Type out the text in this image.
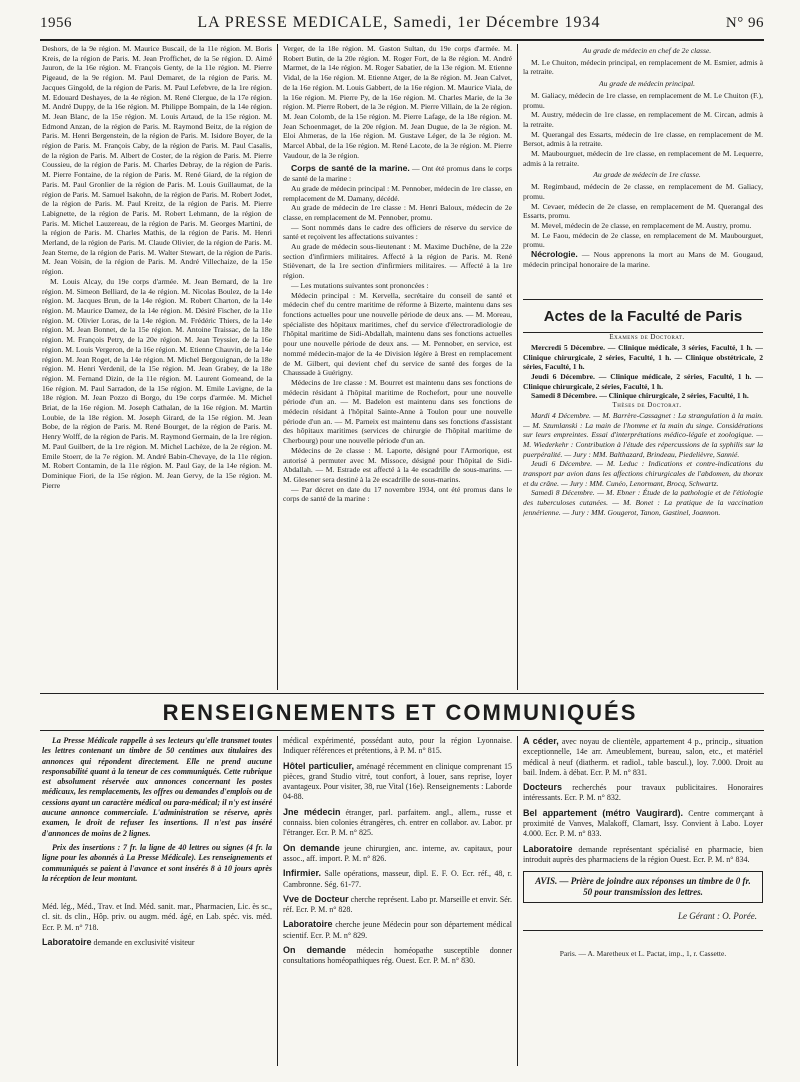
1956	LA PRESSE MEDICALE, Samedi, 1er Décembre 1934	N° 96

Deshors, de la 9e région. M. Maurice Buscail, de la 11e région. M. Boris Kreis, de la région de Paris. M. Jean Proffichet, de la 5e région. D. Aimé Jauron, de la 16e région. M. François Genty, de la 11e région. M. Pierre Pigeaud, de la 9e région. M. Paul Demaret, de la région de Paris. M. Jacques Gingold, de la région de Paris. M. Paul Lefebvre, de la 1re région. M. Edouard Deshayes, de la 4e région. M. René Clergue, de la 17e région. M. André Duppy, de la 16e région. M. Philippe Bompain, de la 14e région. M. Jean Blanc, de la 15e région. M. Louis Artaud, de la 15e région. M. Edmond Anzan, de la région de Paris. M. Raymond Beitz, de la région de Paris. M. Henri Bergenstein, de la région de Paris. M. Isidore Boyer, de la région de Paris. M. François Caby, de la région de Paris. M. Paul Casalis, de la région de Paris. M. Albert de Coster, de la région de Paris. M. Pierre Coussieu, de la région de Paris. M. Charles Debray, de la région de Paris. M. Pierre Fontaine, de la région de Paris. M. René Giard, de la région de Paris. M. Paul Gronlier de la région de Paris. M. Louis Guillaumat, de la région de Paris. M. Samuel Isakohn, de la région de Paris. M. Robert Jodet, de la région de Paris. M. Paul Kreitz, de la région de Paris. M. Pierre Labignette, de la région de Paris. M. Robert Lehmann, de la région de Paris. M. Michel Lauzereau, de la région de Paris. M. Georges Martini, de la région de Paris. M. Charles Mathis, de la région de Paris. M. Henri Merland, de la région de Paris. M. Claude Olivier, de la région de Paris. M. Jean Sterne, de la région de Paris. M. Walter Stewart, de la région de Paris. M. Jean Voisin, de la région de Paris. M. André Villechaize, de la 15e région.

M. Louis Alcay, du 19e corps d'armée. M. Jean Bernard, de la 1re région. M. Simeon Belliard, de la 4e région. M. Nicolas Boulez, de la 14e région. M. Jacques Brun, de la 14e région. M. Robert Charton, de la 14e région. M. Maurice Damez, de la 14e région. M. Désiré Fischer, de la 11e région. M. Olivier Loras, de la 14e région. M. Frédéric Thiers, de la 14e région. M. Jean Bonnet, de la 15e région. M. Antoine Traissac, de la 18e région. M. François Petry, de la 20e région. M. Jean Teyssier, de la 16e région. M. Louis Vergeron, de la 16e région. M. Etienne Chauvin, de la 14e région. M. Jean Roget, de la 14e région. M. Michel Bergouignan, de la 18e région. M. Henri Verdenil, de la 15e région. M. Jean Grabey, de la 18e région. M. Fernand Dizin, de la 11e région. M. Laurent Gomeand, de la 16e région. M. Paul Sarradon, de la 15e région. M. Emile Lavigne, de la 18e région. M. Jean Pozzo di Borgo, du 19e corps d'armée. M. Michel Briat, de la 16e région. M. Joseph Cathalan, de la 16e région. M. Martin Loubie, de la 18e région. M. Joseph Girard, de la 15e région. M. Jean Bobe, de la région de Paris. M. René Bourget, de la région de Paris. M. Henry Wolff, de la région de Paris. M. Raymond Germain, de la 1re région. M. Paul Guilbert, de la 1re région. M. Michel Lachèze, de la 2e région. M. Emile Stoerr, de la 7e région. M. André Babin-Chevaye, de la 11e région. M. Robert Contamin, de la 11e région. M. Paul Gay, de la 14e région. M. Dominique Fiori, de la 15e région. M. Jean Gervy, de la 15e région. M. Pierre

Verger, de la 18e région. M. Gaston Sultan, du 19e corps d'armée. M. Robert Butin, de la 20e région. M. Roger Fort, de la 8e région. M. André Marmet, de la 14e région. M. Roger Sabatier, de la 13e région. M. Etienne Vidal, de la 16e région. M. Etienne Atger, de la 8e région. M. Jean Calvet, de la 16e région. M. Louis Gabbert, de la 16e région. M. Maurice Viala, de la 16e région. M. Pierre Py, de la 16e région. M. Charles Marie, de la 3e région. M. Pierre Robert, de la 3e région. M. Pierre Villain, de la 2e région. M. Jean Colomb, de la 15e région. M. Pierre Lafage, de la 18e région. M. Jean Schoenmaget, de la 20e région. M. Jean Dugue, de la 3e région. M. Eloi Ahmeras, de la 16e région. M. Gustave Léger, de la 3e région. M. Marcel Abbal, de la 16e région. M. René Lacote, de la 3e région. M. Pierre Vaudour, de la 3e région.

Corps de santé de la marine. — Ont été promus dans le corps de santé de la marine :

Au grade de médecin principal : M. Pennober, médecin de 1re classe, en remplacement de M. Damany, décédé.

Au grade de médecin de 1re classe : M. Henri Baloux, médecin de 2e classe, en remplacement de M. Pennober, promu.

— Sont nommés dans le cadre des officiers de réserve du service de santé et reçoivent les affectations suivantes :

Au grade de médecin sous-lieutenant : M. Maxime Duchêne, de la 22e section d'infirmiers militaires. Affecté à la région de Paris. M. René Stièvenart, de la 1re section d'infirmiers militaires. — Affecté à la 1re région.

— Les mutations suivantes sont prononcées :

Médecin principal : M. Kervella, secrétaire du conseil de santé et médecin chef du centre maritime de réforme à Bizerte, maintenu dans ses fonctions actuelles pour une nouvelle période de deux ans. — M. Moreau, spécialiste des hôpitaux maritimes, chef du service d'électroradiologie de l'hôpital maritime de Sidi-Abdallah, maintenu dans ses fonctions actuelles pour une nouvelle période de deux ans. — M. Pennober, en service, est nommé médecin-major de la 4e Division légère à Brest en remplacement de M. Gilbert, qui devient chef du service de santé des forges de la Chaussade à Guérigny.

Médecins de 1re classe : M. Bourret est maintenu dans ses fonctions de médecin résidant à l'hôpital maritime de Rochefort, pour une nouvelle période d'un an. — M. Badelon est maintenu dans ses fonctions de médecin résidant à l'hôpital Sainte-Anne à Toulon pour une nouvelle période d'un an. — M. Parneix est maintenu dans ses fonctions d'assistant des hôpitaux maritimes (services de chirurgie de l'hôpital maritime de Cherbourg) pour une nouvelle période d'un an.

Médecins de 2e classe : M. Laporte, désigné pour l'Armorique, est autorisé à permuter avec M. Missoce, désigné pour l'hôpital de Sidi-Abdallah. — M. Estrade est affecté à la 4e escadrille de sous-marins. — M. Glesener sera destiné à la 2e escadrille de sous-marins.

— Par décret en date du 17 novembre 1934, ont été promus dans le corps de santé de la marine :

Au grade de médecin en chef de 2e classe.

M. Le Chuiton, médecin principal, en remplacement de M. Esmier, admis à la retraite.

Au grade de médecin principal.

M. Galiacy, médecin de 1re classe, en remplacement de M. Le Chuiton (F.), promu.

M. Austry, médecin de 1re classe, en remplacement de M. Circan, admis à la retraite.

M. Querangal des Essarts, médecin de 1re classe, en remplacement de M. Bersot, admis à la retraite.

M. Maubourguet, médecin de 1re classe, en remplacement de M. Lequerre, admis à la retraite.

Au grade de médecin de 1re classe.

M. Regimbaud, médecin de 2e classe, en remplacement de M. Galiacy, promu.

M. Cevaer, médecin de 2e classe, en remplacement de M. Querangal des Essarts, promu.

M. Mevel, médecin de 2e classe, en remplacement de M. Austry, promu.

M. Le Faou, médecin de 2e classe, en remplacement de M. Maubourguet, promu.

Nécrologie. — Nous apprenons la mort au Mans de M. Gougaud, médecin principal honoraire de la marine.

Actes de la Faculté de Paris

Examens de Doctorat.

Mercredi 5 Décembre. — Clinique médicale, 3 séries, Faculté, 1 h. — Clinique chirurgicale, 2 séries, Faculté, 1 h. — Clinique obstétricale, 2 séries, Faculté, 1 h.

Jeudi 6 Décembre. — Clinique médicale, 2 séries, Faculté, 1 h. — Clinique chirurgicale, 2 séries, Faculté, 1 h.

Samedi 8 Décembre. — Clinique chirurgicale, 2 séries, Faculté, 1 h.

Thèses de Doctorat.

Mardi 4 Décembre. — M. Barrère-Cassagnet : La strangulation à la main. — M. Szumlanski : La main de l'homme et la main du singe. Considérations sur leurs empreintes. Essai d'interprétations médico-légale et zoologique. — M. Wiederkehr : Contribution à l'étude des répercussions de la syphilis sur la puerpéralité. — Jury : MM. Balthazard, Brindeau, Piedelièvre, Sannié.

Jeudi 6 Décembre. — M. Leduc : Indications et contre-indications du transport par avion dans les affections chirurgicales de l'abdomen, du thorax et du crâne. — Jury : MM. Cunéo, Lenormant, Brocq, Schwartz.

Samedi 8 Décembre. — M. Ebner : Étude de la pathologie et de l'étiologie des tuberculoses cutanées. — M. Bonet : La pratique de la vaccination jennérienne. — Jury : MM. Gougerot, Tanon, Gastinel, Joannon.

RENSEIGNEMENTS ET COMMUNIQUÉS

La Presse Médicale rappelle à ses lecteurs qu'elle transmet toutes les lettres contenant un timbre de 50 centimes aux titulaires des annonces qui répondent directement. Elle ne prend aucune responsabilité quant à la teneur de ces communiqués. Cette rubrique est absolument réservée aux annonces concernant les postes médicaux, les remplacements, les offres ou demandes d'emplois ou de cessions ayant un caractère médical ou para-médical; il n'y est inséré aucune annonce commerciale. L'administration se réserve, après examen, le droit de refuser les insertions. Il n'est pas inséré d'annonces de moins de 2 lignes.

Prix des insertions : 7 fr. la ligne de 40 lettres ou signes (4 fr. la ligne pour les abonnés à La Presse Médicale). Les renseignements et communiqués se paient à l'avance et sont insérés 8 à 10 jours après la réception de leur montant.

Méd. lég., Méd., Trav. et Ind. Méd. sanit. mar., Pharmacien, Lic. ès sc., cl. sit. ds clin., Hôp. priv. ou augm. méd. ágé, en Lab. spéc. vis. méd. Ecr. P. M. n° 718.

Laboratoire demande en exclusivité visiteur

médical expérimenté, possédant auto, pour la région Lyonnaise. Indiquer références et prétentions, à P. M. n° 815.

Hôtel particulier, aménagé récemment en clinique comprenant 15 pièces, grand Studio vitré, tout confort, à louer, sans reprise, loyer avantageux. Pour visiter, 38, rue Vital (16e). Renseignements : Laborde 04-88.

Jne médecin étranger, parl. parfaitem. angl., allem., russe et connaiss. bien colonies étrangères, ch. entrer en collabor. av. Labor. pr l'étranger. Ecr. P. M. n° 825.

On demande jeune chirurgien, anc. interne, av. capitaux, pour assoc., aff. import. P. M. n° 826.

Infirmier. Salle opérations, masseur, dipl. E. F. O. Ecr. réf., 48, r. Cambronne. Ség. 61-77.

Vve de Docteur cherche représent. Labo pr. Marseille et envir. Sér. réf. Ecr. P. M. n° 828.

Laboratoire cherche jeune Médecin pour son département médical scientif. Ecr. P. M. n° 829.

On demande médecin homéopathe susceptible donner consultations homéopathiques rég. Ouest. Ecr. P. M. n° 830.

A céder, avec noyau de clientèle, appartement 4 p., princip., situation exceptionnelle, 14e arr. Ameublement, bureau, salon, etc., et matériel médical à neuf (diatherm. et radiol., table bascul.), loy. 7.000. Droit au bail. Indem. à débat. Ecr. P. M. n° 831.

Docteurs recherchés pour travaux publicitaires. Honoraires intéressants. Ecr. P. M. n° 832.

Bel appartement (métro Vaugirard). Centre commerçant à proximité de Vanves, Malakoff, Clamart, Issy. Convient à Labo. Loyer 4.000. Ecr. P. M. n° 833.

Laboratoire demande représentant spécialisé en pharmacie, bien introduit auprès des pharmaciens de la région Ouest. Ecr. P. M. n° 834.

AVIS. — Prière de joindre aux réponses un timbre de 0 fr. 50 pour transmission des lettres.
Le Gérant : O. Porée.
Paris. — A. Maretheux et L. Pactat, imp., 1, r. Cassette.
